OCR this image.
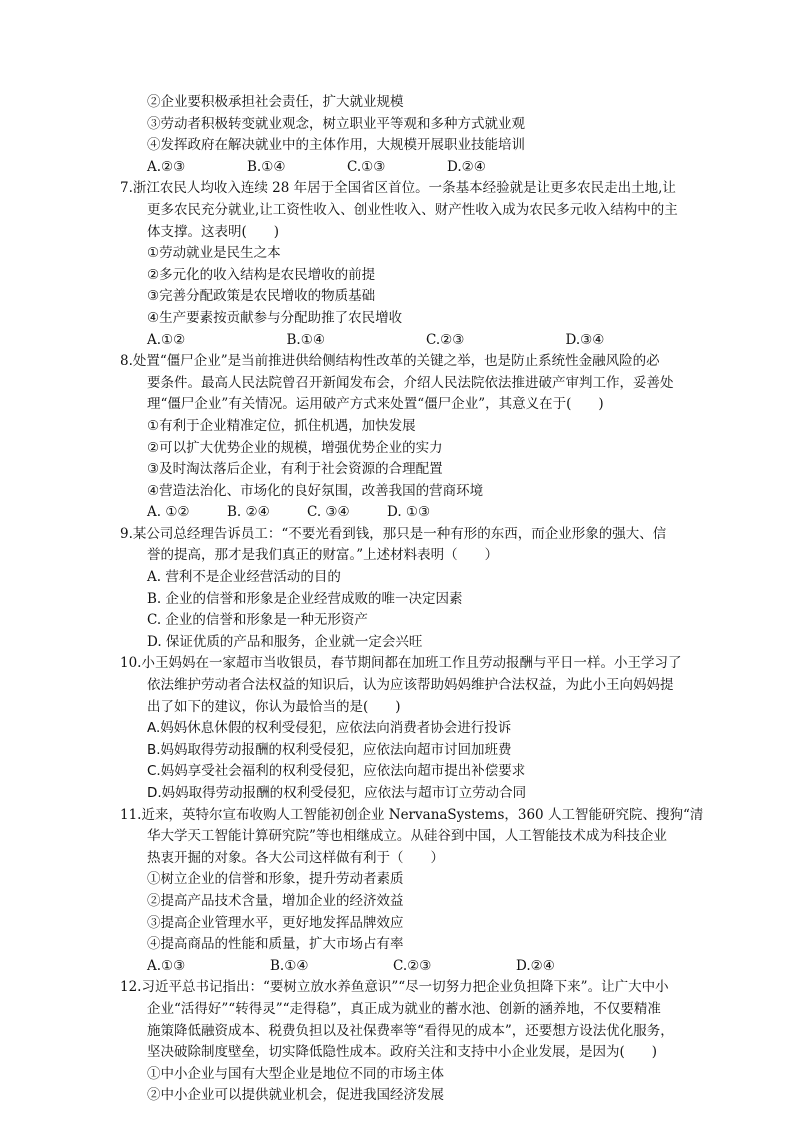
②企业要积极承担社会责任，扩大就业规模
③劳动者积极转变就业观念，树立职业平等观和多种方式就业观
④发挥政府在解决就业中的主体作用，大规模开展职业技能培训
A.②③	B.①④	C.①③	D.②④
7.浙江农民人均收入连续 28 年居于全国省区首位。一条基本经验就是让更多农民走出土地,让
更多农民充分就业,让工资性收入、创业性收入、财产性收入成为农民多元收入结构中的主
体支撑。这表明(　　)
①劳动就业是民生之本
②多元化的收入结构是农民增收的前提
③完善分配政策是农民增收的物质基础
④生产要素按贡献参与分配助推了农民增收
A.①②	B.①④	C.②③	D.③④
8.处置“僵尸企业”是当前推进供给侧结构性改革的关键之举，也是防止系统性金融风险的必
要条件。最高人民法院曾召开新闻发布会，介绍人民法院依法推进破产审判工作，妥善处
理“僵尸企业”有关情况。运用破产方式来处置“僵尸企业”，其意义在于(　　)
①有利于企业精准定位，抓住机遇，加快发展
②可以扩大优势企业的规模，增强优势企业的实力
③及时淘汰落后企业，有利于社会资源的合理配置
④营造法治化、市场化的良好氛围，改善我国的营商环境
A. ①②	B. ②④	C. ③④	D. ①③
9.某公司总经理告诉员工：“不要光看到钱，那只是一种有形的东西，而企业形象的强大、信
誉的提高，那才是我们真正的财富。”上述材料表明（　　）
A. 营利不是企业经营活动的目的
B. 企业的信誉和形象是企业经营成败的唯一决定因素
C. 企业的信誉和形象是一种无形资产
D. 保证优质的产品和服务，企业就一定会兴旺
10.小王妈妈在一家超市当收银员，春节期间都在加班工作且劳动报酬与平日一样。小王学习了
依法维护劳动者合法权益的知识后，认为应该帮助妈妈维护合法权益，为此小王向妈妈提
出了如下的建议，你认为最恰当的是(　　)
A.妈妈休息休假的权利受侵犯，应依法向消费者协会进行投诉
B.妈妈取得劳动报酬的权利受侵犯，应依法向超市讨回加班费
C.妈妈享受社会福利的权利受侵犯，应依法向超市提出补偿要求
D.妈妈取得劳动报酬的权利受侵犯，应依法与超市订立劳动合同
11.近来，英特尔宣布收购人工智能初创企业 NervanaSystems，360 人工智能研究院、搜狗“清
华大学天工智能计算研究院”等也相继成立。从硅谷到中国，人工智能技术成为科技企业
热衷开掘的对象。各大公司这样做有利于（　　）
①树立企业的信誉和形象，提升劳动者素质
②提高产品技术含量，增加企业的经济效益
③提高企业管理水平，更好地发挥品牌效应
④提高商品的性能和质量，扩大市场占有率
A.①③	B.①④	C.②③	D.②④
12.习近平总书记指出：“要树立放水养鱼意识”“尽一切努力把企业负担降下来”。让广大中小
企业“活得好”“转得灵”“走得稳”，真正成为就业的蓄水池、创新的涵养地，不仅要精准
施策降低融资成本、税费负担以及社保费率等“看得见的成本”，还要想方设法优化服务，
坚决破除制度壁垒，切实降低隐性成本。政府关注和支持中小企业发展，是因为(　　)
①中小企业与国有大型企业是地位不同的市场主体
②中小企业可以提供就业机会，促进我国经济发展
